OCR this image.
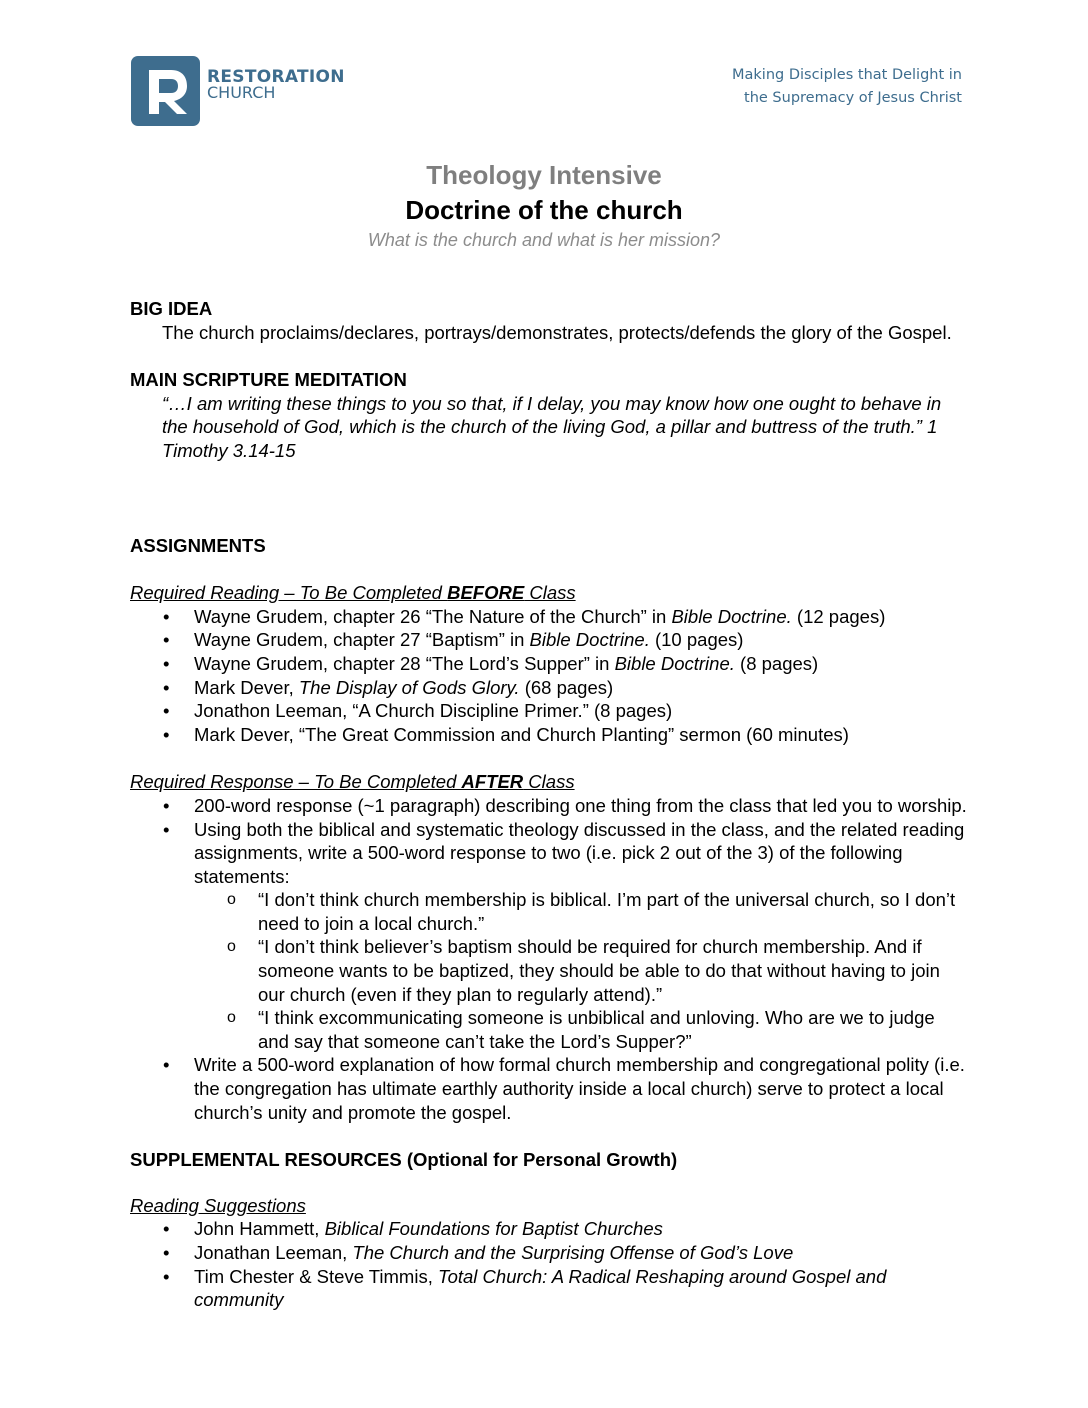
RESTORATION
CHURCH
Making Disciples that Delight in
the Supremacy of Jesus Christ
Theology Intensive
Doctrine of the church
What is the church and what is her mission?
BIG IDEA
The church proclaims/declares, portrays/demonstrates, protects/defends the glory of the Gospel.
MAIN SCRIPTURE MEDITATION
“…I am writing these things to you so that, if I delay, you may know how one ought to behave in the household of God, which is the church of the living God, a pillar and buttress of the truth.” 1 Timothy 3.14-15
ASSIGNMENTS
Required Reading – To Be Completed BEFORE Class
• Wayne Grudem, chapter 26 “The Nature of the Church” in Bible Doctrine. (12 pages)
• Wayne Grudem, chapter 27 “Baptism” in Bible Doctrine. (10 pages)
• Wayne Grudem, chapter 28 “The Lord’s Supper” in Bible Doctrine. (8 pages)
• Mark Dever, The Display of Gods Glory. (68 pages)
• Jonathon Leeman, “A Church Discipline Primer.” (8 pages)
• Mark Dever, “The Great Commission and Church Planting” sermon (60 minutes)
Required Response – To Be Completed AFTER Class
• 200-word response (~1 paragraph) describing one thing from the class that led you to worship.
• Using both the biblical and systematic theology discussed in the class, and the related reading assignments, write a 500-word response to two (i.e. pick 2 out of the 3) of the following statements:
o “I don’t think church membership is biblical. I’m part of the universal church, so I don’t need to join a local church.”
o “I don’t think believer’s baptism should be required for church membership. And if someone wants to be baptized, they should be able to do that without having to join our church (even if they plan to regularly attend).”
o “I think excommunicating someone is unbiblical and unloving. Who are we to judge and say that someone can’t take the Lord’s Supper?”
• Write a 500-word explanation of how formal church membership and congregational polity (i.e. the congregation has ultimate earthly authority inside a local church) serve to protect a local church’s unity and promote the gospel.
SUPPLEMENTAL RESOURCES (Optional for Personal Growth)
Reading Suggestions
• John Hammett, Biblical Foundations for Baptist Churches
• Jonathan Leeman, The Church and the Surprising Offense of God’s Love
• Tim Chester & Steve Timmis, Total Church: A Radical Reshaping around Gospel and community
